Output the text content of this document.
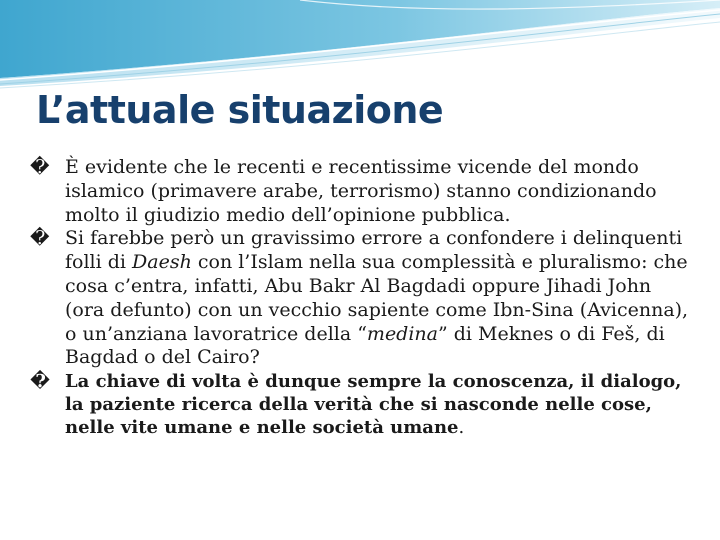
L’attuale situazione

� È evidente che le recenti e recentissime vicende del mondo islamico (primavere arabe, terrorismo) stanno condizionando molto il giudizio medio dell’opinione pubblica.

� Si farebbe però un gravissimo errore a confondere i delinquenti folli di Daesh con l’Islam nella sua complessità e pluralismo: che cosa c’entra, infatti, Abu Bakr Al Bagdadi oppure Jihadi John (ora defunto) con un vecchio sapiente come Ibn-Sina (Avicenna), o un’anziana lavoratrice della “medina” di Meknes o di Feš, di Bagdad o del Cairo?

� La chiave di volta è dunque sempre la conoscenza, il dialogo, la paziente ricerca della verità che si nasconde nelle cose, nelle vite umane e nelle società umane.
